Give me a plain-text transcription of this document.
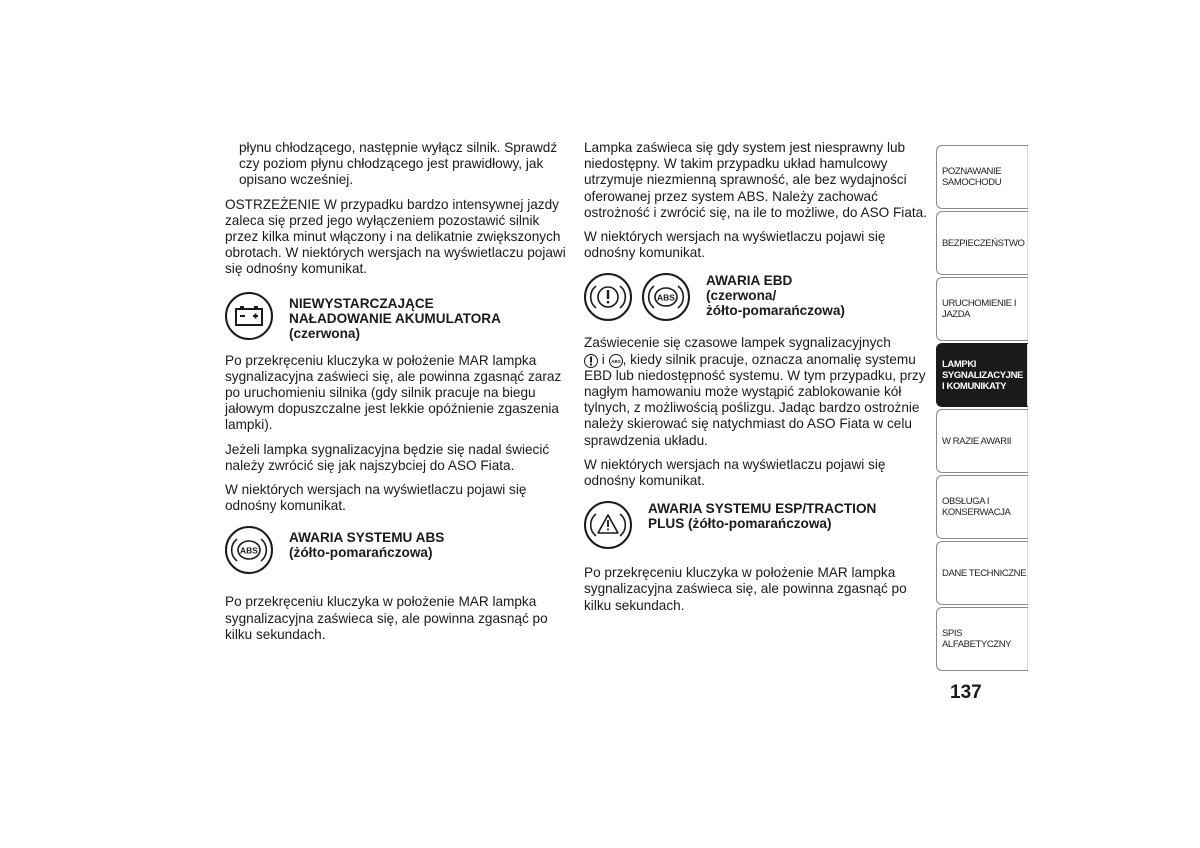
płynu chłodzącego, następnie wyłącz silnik. Sprawdź czy poziom płynu chłodzącego jest prawidłowy, jak opisano wcześniej.

OSTRZEŻENIE W przypadku bardzo intensywnej jazdy zaleca się przed jego wyłączeniem pozostawić silnik przez kilka minut włączony i na delikatnie zwiększonych obrotach. W niektórych wersjach na wyświetlaczu pojawi się odnośny komunikat.

NIEWYSTARCZAJĄCE
NAŁADOWANIE AKUMULATORA
(czerwona)

Po przekręceniu kluczyka w położenie MAR lampka sygnalizacyjna zaświeci się, ale powinna zgasnąć zaraz po uruchomieniu silnika (gdy silnik pracuje na biegu jałowym dopuszczalne jest lekkie opóźnienie zgaszenia lampki).

Jeżeli lampka sygnalizacyjna będzie się nadal świecić należy zwrócić się jak najszybciej do ASO Fiata.

W niektórych wersjach na wyświetlaczu pojawi się odnośny komunikat.

ABS
AWARIA SYSTEMU ABS
(żółto-pomarańczowa)

Po przekręceniu kluczyka w położenie MAR lampka sygnalizacyjna zaświeca się, ale powinna zgasnąć po kilku sekundach.

Lampka zaświeca się gdy system jest niesprawny lub niedostępny. W takim przypadku układ hamulcowy utrzymuje niezmienną sprawność, ale bez wydajności oferowanej przez system ABS. Należy zachować ostrożność i zwrócić się, na ile to możliwe, do ASO Fiata.

W niektórych wersjach na wyświetlaczu pojawi się odnośny komunikat.

ABS
AWARIA EBD
(czerwona/
żółto-pomarańczowa)

Zaświecenie się czasowe lampek sygnalizacyjnych

i ABS , kiedy silnik pracuje, oznacza anomalię systemu EBD lub niedostępność systemu. W tym przypadku, przy nagłym hamowaniu może wystąpić zablokowanie kół tylnych, z możliwością poślizgu. Jadąc bardzo ostrożnie należy skierować się natychmiast do ASO Fiata w celu sprawdzenia układu.

W niektórych wersjach na wyświetlaczu pojawi się odnośny komunikat.

AWARIA SYSTEMU ESP/TRACTION
PLUS (żółto-pomarańczowa)

Po przekręceniu kluczyka w położenie MAR lampka sygnalizacyjna zaświeca się, ale powinna zgasnąć po kilku sekundach.

POZNAWANIE
SAMOCHODU
BEZPIECZEŃSTWO
URUCHOMIENIE I
JAZDA
LAMPKI
SYGNALIZACYJNE
I KOMUNIKATY
W RAZIE AWARII
OBSŁUGA I
KONSERWACJA
DANE TECHNICZNE
SPIS ALFABETYCZNY
137
